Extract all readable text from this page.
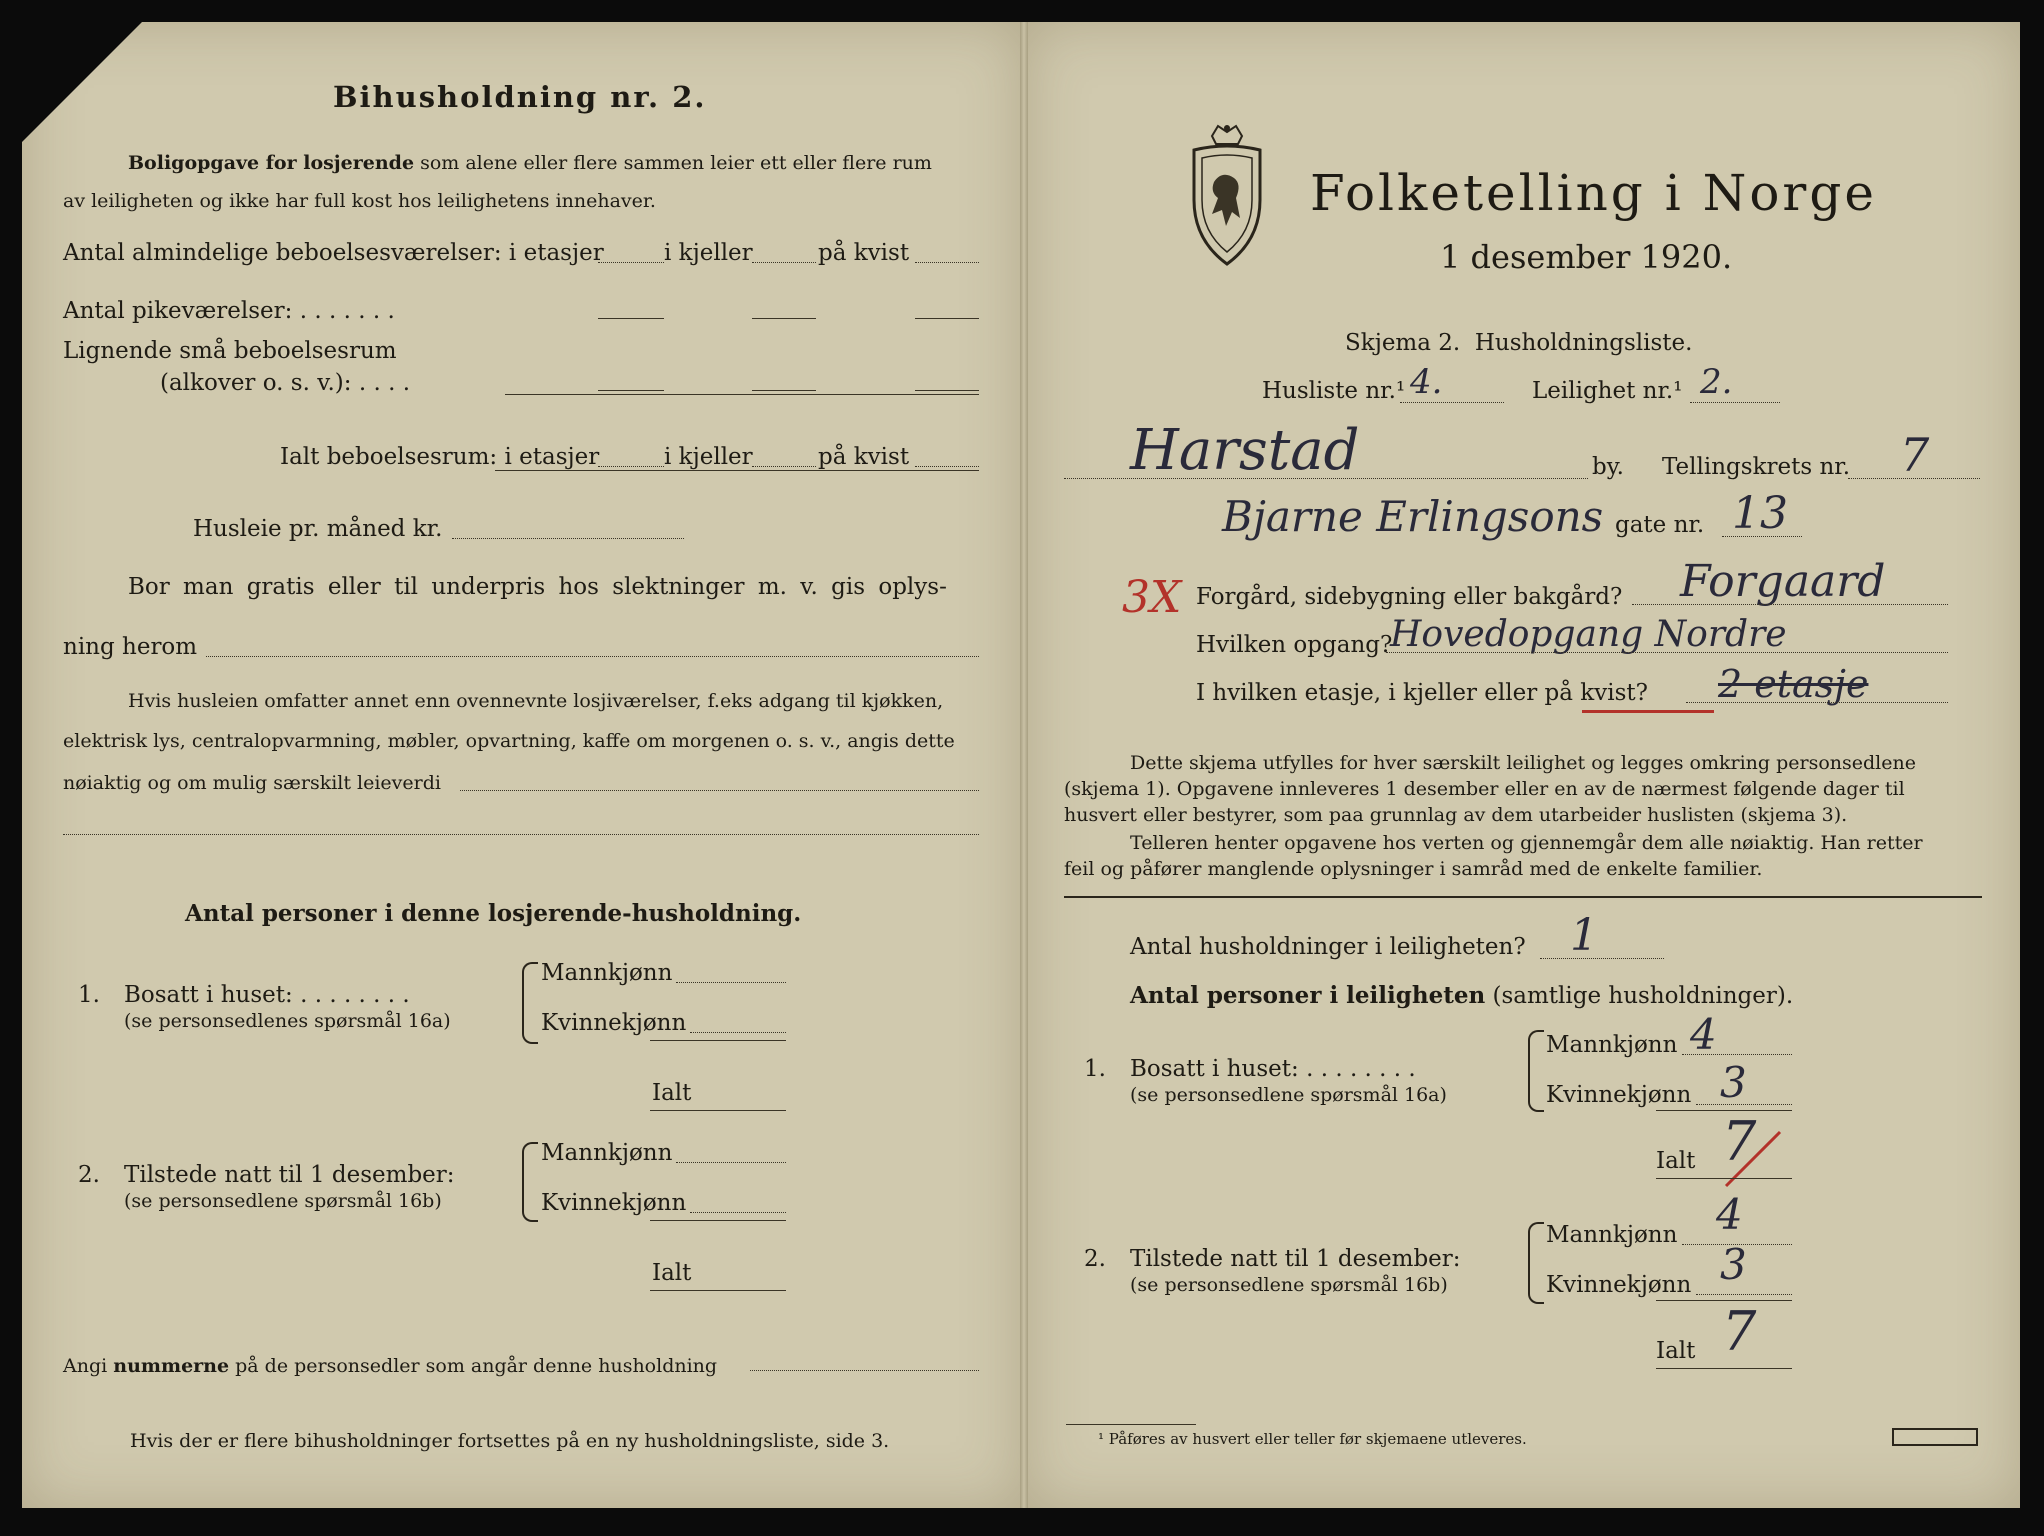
Bihusholdning nr. 2.
Boligopgave for losjerende som alene eller flere sammen leier ett eller flere rum
av leiligheten og ikke har full kost hos leilighetens innehaver.
Antal almindelige beboelsesværelser: i etasjer	i kjeller	på kvist
Antal pikeværelser: . . . . . . .
Lignende små beboelsesrum
(alkover o. s. v.): . . . .
Ialt beboelsesrum: i etasjer	i kjeller	på kvist
Husleie pr. måned kr.
Bor man gratis eller til underpris hos slektninger m. v. gis oplys-
ning herom
Hvis husleien omfatter annet enn ovennevnte losjiværelser, f.eks adgang til kjøkken,
elektrisk lys, centralopvarmning, møbler, opvartning, kaffe om morgenen o. s. v., angis dette
nøiaktig og om mulig særskilt leieverdi
Antal personer i denne losjerende-husholdning.
1. Bosatt i huset: . . . . . . . .
(se personsedlenes spørsmål 16a)
Mannkjønn
Kvinnekjønn
Ialt
2. Tilstede natt til 1 desember:
(se personsedlene spørsmål 16b)
Mannkjønn
Kvinnekjønn
Ialt
Angi nummerne på de personsedler som angår denne husholdning
Hvis der er flere bihusholdninger fortsettes på en ny husholdningsliste, side 3.
Folketelling i Norge
1 desember 1920.
Skjema 2. Husholdningsliste.
Husliste nr.¹ 4.	Leilighet nr.¹ 2.
Harstad	by. Tellingskrets nr. 7
Bjarne Erlingsons gate nr. 13
3X Forgård, sidebygning eller bakgård? Forgaard
Hvilken opgang?
Hovedopgang Nordre
I hvilken etasje, i kjeller eller på kvist? 2 etasje
Dette skjema utfylles for hver særskilt leilighet og legges omkring personsedlene
(skjema 1). Opgavene innleveres 1 desember eller en av de nærmest følgende dager til
husvert eller bestyrer, som paa grunnlag av dem utarbeider huslisten (skjema 3).
Telleren henter opgavene hos verten og gjennemgår dem alle nøiaktig. Han retter
feil og påfører manglende oplysninger i samråd med de enkelte familier.
Antal husholdninger i leiligheten? 1
Antal personer i leiligheten (samtlige husholdninger).
1. Bosatt i huset: . . . . . . . .
(se personsedlene spørsmål 16a)
Mannkjønn 4
Kvinnekjønn 3
Ialt 7
2. Tilstede natt til 1 desember:
(se personsedlene spørsmål 16b)
Mannkjønn 4
Kvinnekjønn 3
Ialt 7
¹ Påføres av husvert eller teller før skjemaene utleveres.
